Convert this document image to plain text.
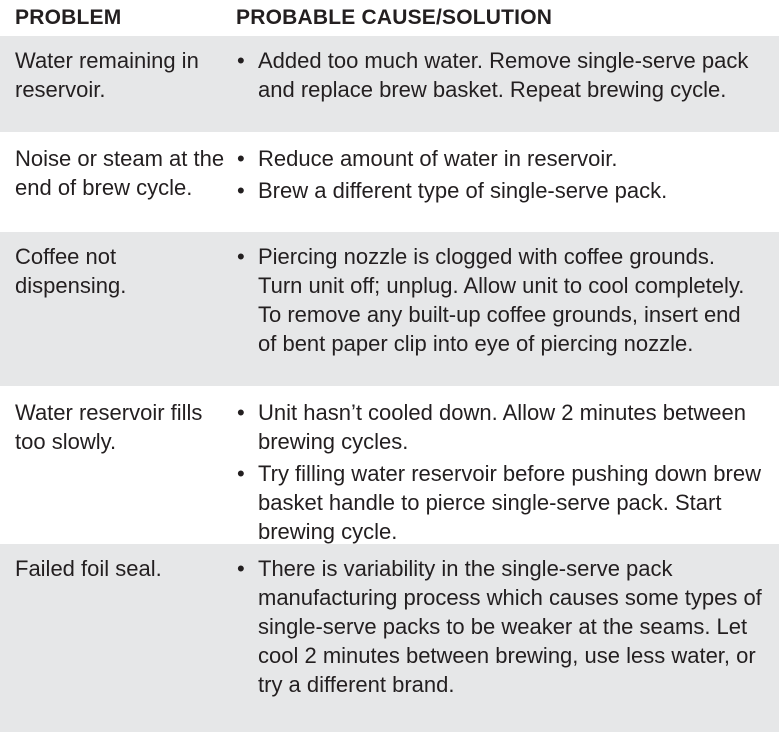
PROBLEM	PROBABLE CAUSE/SOLUTION
Water remaining in reservoir.
• Added too much water. Remove single-serve pack and replace brew basket. Repeat brewing cycle.
Noise or steam at the end of brew cycle.
• Reduce amount of water in reservoir.
• Brew a different type of single-serve pack.
Coffee not dispensing.
• Piercing nozzle is clogged with coffee grounds. Turn unit off; unplug. Allow unit to cool completely. To remove any built-up coffee grounds, insert end of bent paper clip into eye of piercing nozzle.
Water reservoir fills too slowly.
• Unit hasn’t cooled down. Allow 2 minutes between brewing cycles.
• Try filling water reservoir before pushing down brew basket handle to pierce single-serve pack. Start brewing cycle.
Failed foil seal.	• There is variability in the single-serve pack manufacturing process which causes some types of single-serve packs to be weaker at the seams. Let cool 2 minutes between brewing, use less water, or try a different brand.
